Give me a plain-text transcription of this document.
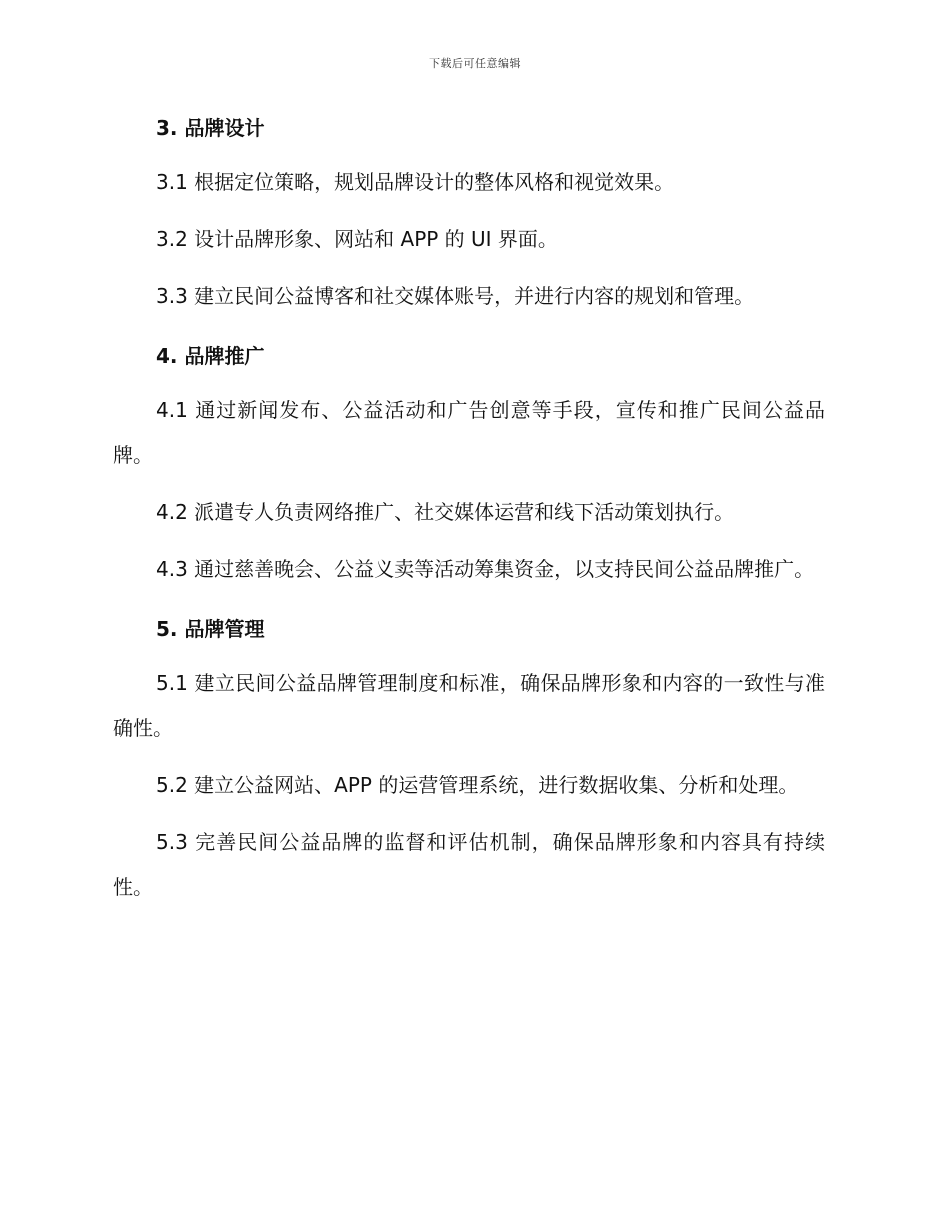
下载后可任意编辑
3. 品牌设计

3.1 根据定位策略，规划品牌设计的整体风格和视觉效果。

3.2 设计品牌形象、网站和 APP 的 UI 界面。

3.3 建立民间公益博客和社交媒体账号，并进行内容的规划和管理。

4. 品牌推广

4.1 通过新闻发布、公益活动和广告创意等手段，宣传和推广民间公益品牌。

4.2 派遣专人负责网络推广、社交媒体运营和线下活动策划执行。

4.3 通过慈善晚会、公益义卖等活动筹集资金，以支持民间公益品牌推广。

5. 品牌管理

5.1 建立民间公益品牌管理制度和标准，确保品牌形象和内容的一致性与准确性。

5.2 建立公益网站、APP 的运营管理系统，进行数据收集、分析和处理。

5.3 完善民间公益品牌的监督和评估机制，确保品牌形象和内容具有持续性。
